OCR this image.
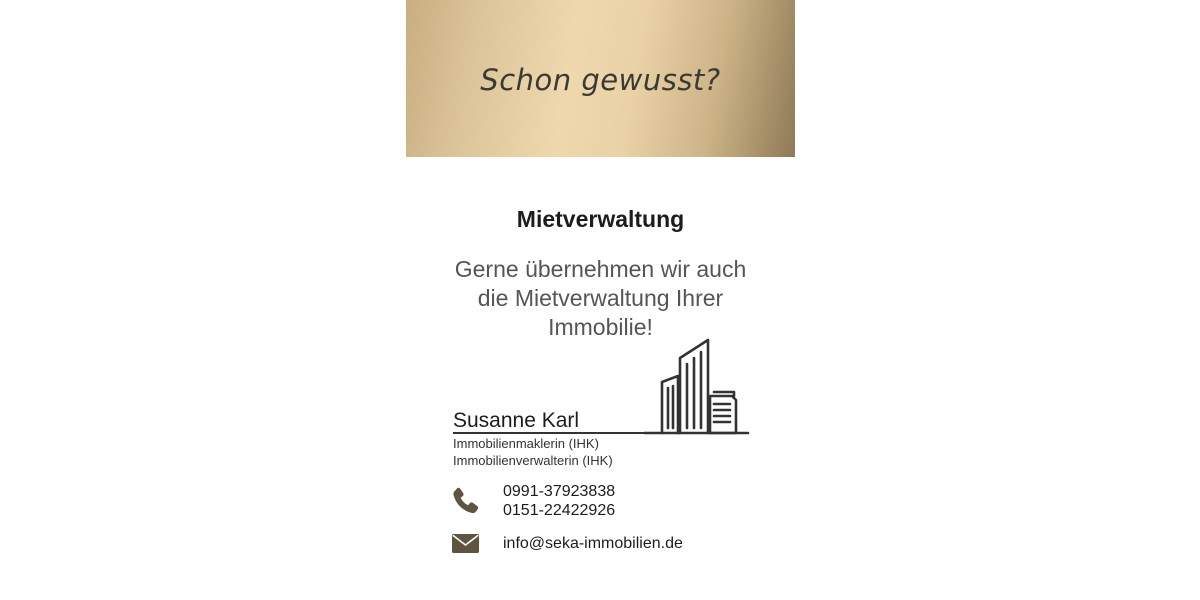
Schon gewusst?
Mietverwaltung
Gerne übernehmen wir auch
die Mietverwaltung Ihrer
Immobilie!
Susanne Karl
Immobilienmaklerin (IHK)
Immobilienverwalterin (IHK)
0991-37923838
0151-22422926
info@seka-immobilien.de
